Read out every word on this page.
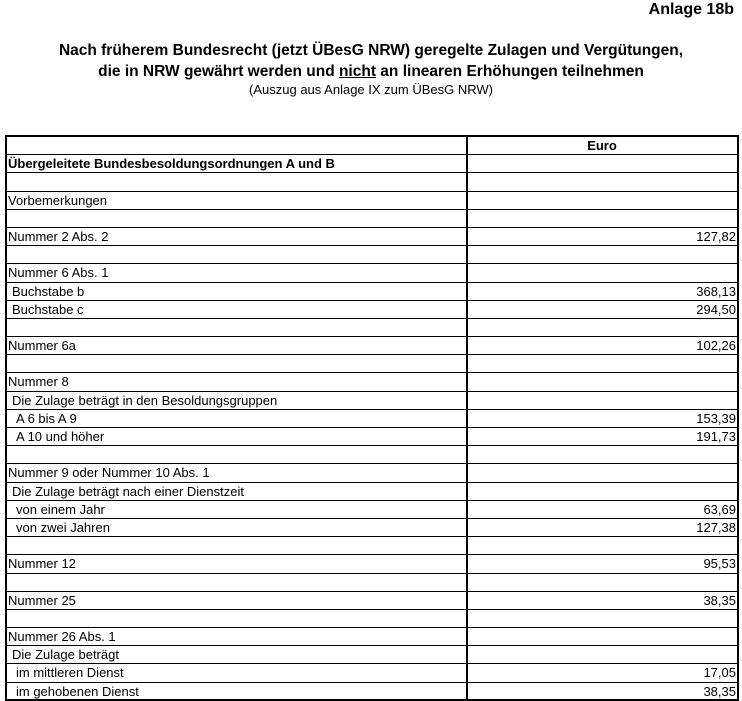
Anlage 18b
Nach früherem Bundesrecht (jetzt ÜBesG NRW) geregelte Zulagen und Vergütungen,
die in NRW gewährt werden und nicht an linearen Erhöhungen teilnehmen
(Auszug aus Anlage IX zum ÜBesG NRW)
Euro
Übergeleitete Bundesbesoldungsordnungen A und B
Vorbemerkungen
Nummer 2 Abs. 2	127,82
Nummer 6 Abs. 1
Buchstabe b	368,13
Buchstabe c	294,50
Nummer 6a	102,26
Nummer 8
Die Zulage beträgt in den Besoldungsgruppen
A 6 bis A 9	153,39
A 10 und höher	191,73
Nummer 9 oder Nummer 10 Abs. 1
Die Zulage beträgt nach einer Dienstzeit
von einem Jahr	63,69
von zwei Jahren	127,38
Nummer 12	95,53
Nummer 25	38,35
Nummer 26 Abs. 1
Die Zulage beträgt
im mittleren Dienst	17,05
im gehobenen Dienst	38,35
